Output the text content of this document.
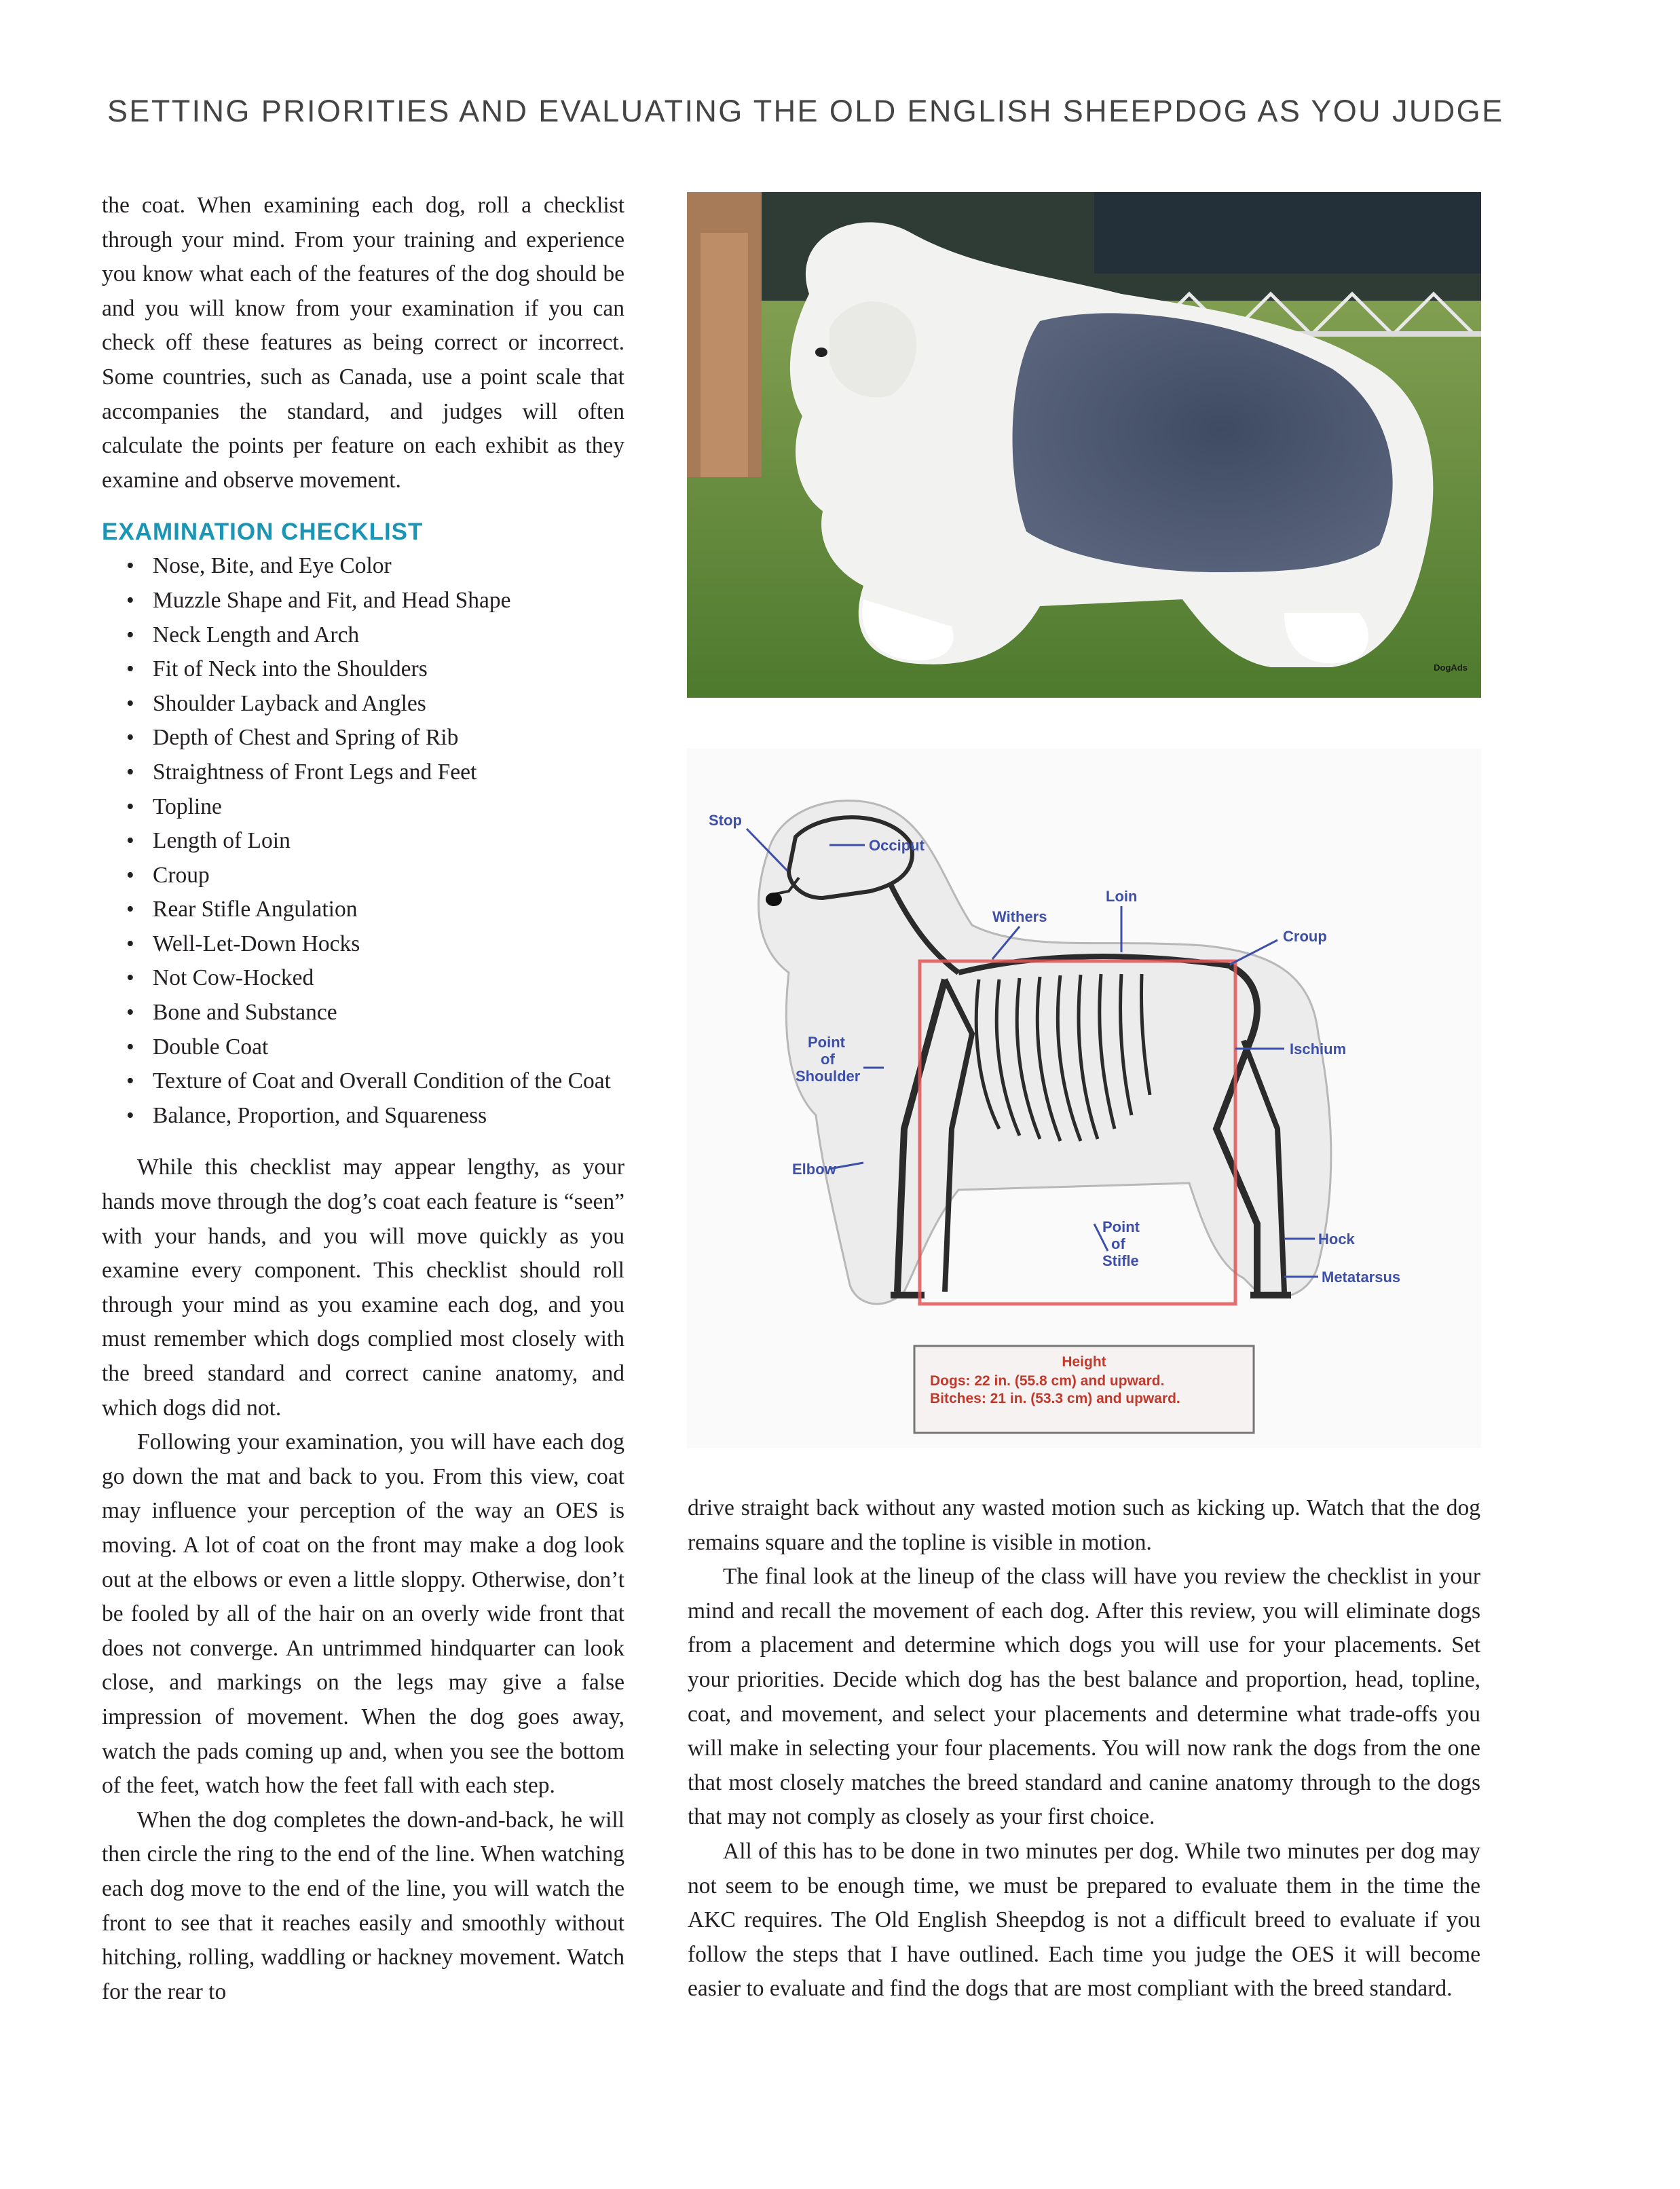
SETTING PRIORITIES AND EVALUATING THE OLD ENGLISH SHEEPDOG AS YOU JUDGE

the coat. When examining each dog, roll a checklist through your mind. From your training and experience you know what each of the features of the dog should be and you will know from your examination if you can check off these features as being correct or incorrect. Some countries, such as Canada, use a point scale that accompanies the standard, and judges will often calculate the points per feature on each exhibit as they examine and observe movement.

EXAMINATION CHECKLIST
• Nose, Bite, and Eye Color
• Muzzle Shape and Fit, and Head Shape
• Neck Length and Arch
• Fit of Neck into the Shoulders
• Shoulder Layback and Angles
• Depth of Chest and Spring of Rib
• Straightness of Front Legs and Feet
• Topline
• Length of Loin
• Croup
• Rear Stifle Angulation
• Well-Let-Down Hocks
• Not Cow-Hocked
• Bone and Substance
• Double Coat
• Texture of Coat and Overall Condition of the Coat
• Balance, Proportion, and Squareness

While this checklist may appear lengthy, as your hands move through the dog’s coat each feature is “seen” with your hands, and you will move quickly as you examine every component. This checklist should roll through your mind as you examine each dog, and you must remember which dogs complied most closely with the breed standard and correct canine anatomy, and which dogs did not.

Following your examination, you will have each dog go down the mat and back to you. From this view, coat may influence your perception of the way an OES is moving. A lot of coat on the front may make a dog look out at the elbows or even a little sloppy. Otherwise, don’t be fooled by all of the hair on an overly wide front that does not converge. An untrimmed hindquarter can look close, and markings on the legs may give a false impression of movement. When the dog goes away, watch the pads coming up and, when you see the bottom of the feet, watch how the feet fall with each step.

When the dog completes the down-and-back, he will then circle the ring to the end of the line. When watching each dog move to the end of the line, you will watch the front to see that it reaches easily and smoothly without hitching, rolling, waddling or hackney movement. Watch for the rear to

DogAds
Stop
Occiput
Withers
Loin
Croup
Point
of
Shoulder
Ischium
Elbow
Point
of
Stifle
Hock
Metatarsus
Height
Dogs: 22 in. (55.8 cm) and upward.
Bitches: 21 in. (53.3 cm) and upward.

drive straight back without any wasted motion such as kicking up. Watch that the dog remains square and the topline is visible in motion.

The final look at the lineup of the class will have you review the checklist in your mind and recall the movement of each dog. After this review, you will eliminate dogs from a placement and determine which dogs you will use for your placements. Set your priorities. Decide which dog has the best balance and proportion, head, topline, coat, and movement, and select your placements and determine what trade-offs you will make in selecting your four placements. You will now rank the dogs from the one that most closely matches the breed standard and canine anatomy through to the dogs that may not comply as closely as your first choice.

All of this has to be done in two minutes per dog. While two minutes per dog may not seem to be enough time, we must be prepared to evaluate them in the time the AKC requires. The Old English Sheepdog is not a difficult breed to evaluate if you follow the steps that I have outlined. Each time you judge the OES it will become easier to evaluate and find the dogs that are most compliant with the breed standard.
